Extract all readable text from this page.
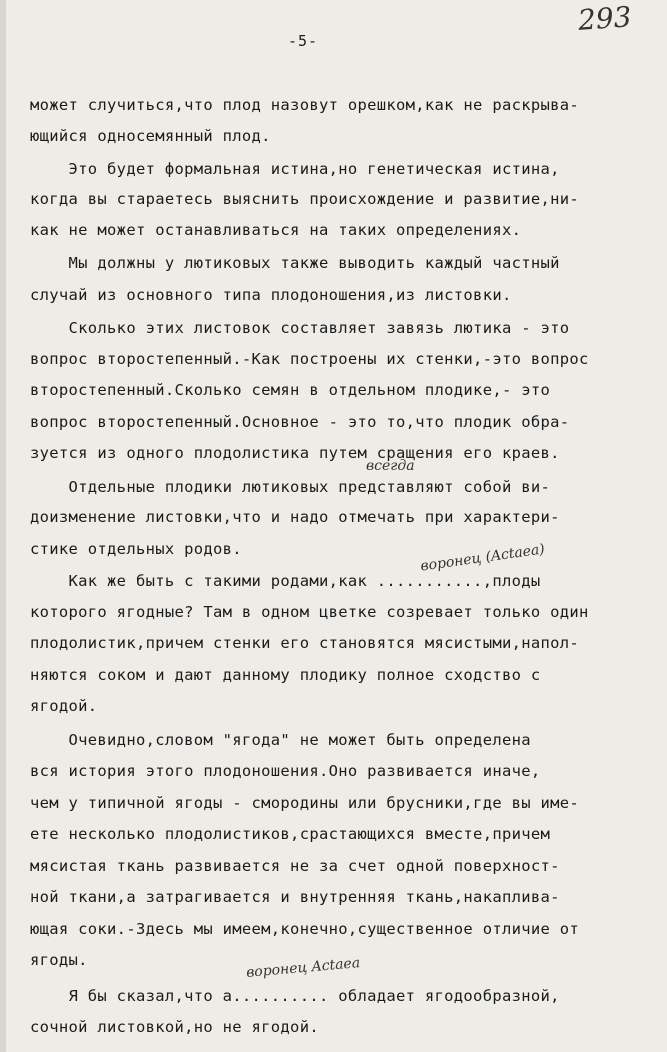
293
-5-
может случиться,что плод назовут орешком,как не раскрыва-
ющийся односемянный плод.
Это будет формальная истина,но генетическая истина,
когда вы стараетесь выяснить происхождение и развитие,ни-
как не может останавливаться на таких определениях.
Мы должны у лютиковых также выводить каждый частный
случай из основного типа плодоношения,из листовки.
Сколько этих листовок составляет завязь лютика - это
вопрос второстепенный.-Как построены их стенки,-это вопрос
второстепенный.Сколько семян в отдельном плодике,- это
вопрос второстепенный.Основное - это то,что плодик обра-
зуется из одного плодолистика путем сращения его краев.
всегда
Отдельные плодики лютиковых представляют собой ви-
доизменение листовки,что и надо отмечать при характери-
стике отдельных родов.	воронец (Actaea)
Как же быть с такими родами,как ...........,плоды
которого ягодные? Там в одном цветке созревает только один
плодолистик,причем стенки его становятся мясистыми,напол-
няются соком и дают данному плодику полное сходство с
ягодой.
Очевидно,словом "ягода" не может быть определена
вся история этого плодоношения.Оно развивается иначе,
чем у типичной ягоды - смородины или брусники,где вы име-
ете несколько плодолистиков,срастающихся вместе,причем
мясистая ткань развивается не за счет одной поверхност-
ной ткани,а затрагивается и внутренняя ткань,накаплива-
ющая соки.-Здесь мы имеем,конечно,существенное отличие от
ягоды.	воронец Actaea
Я бы сказал,что а.......... обладает ягодообразной,
сочной листовкой,но не ягодой.
